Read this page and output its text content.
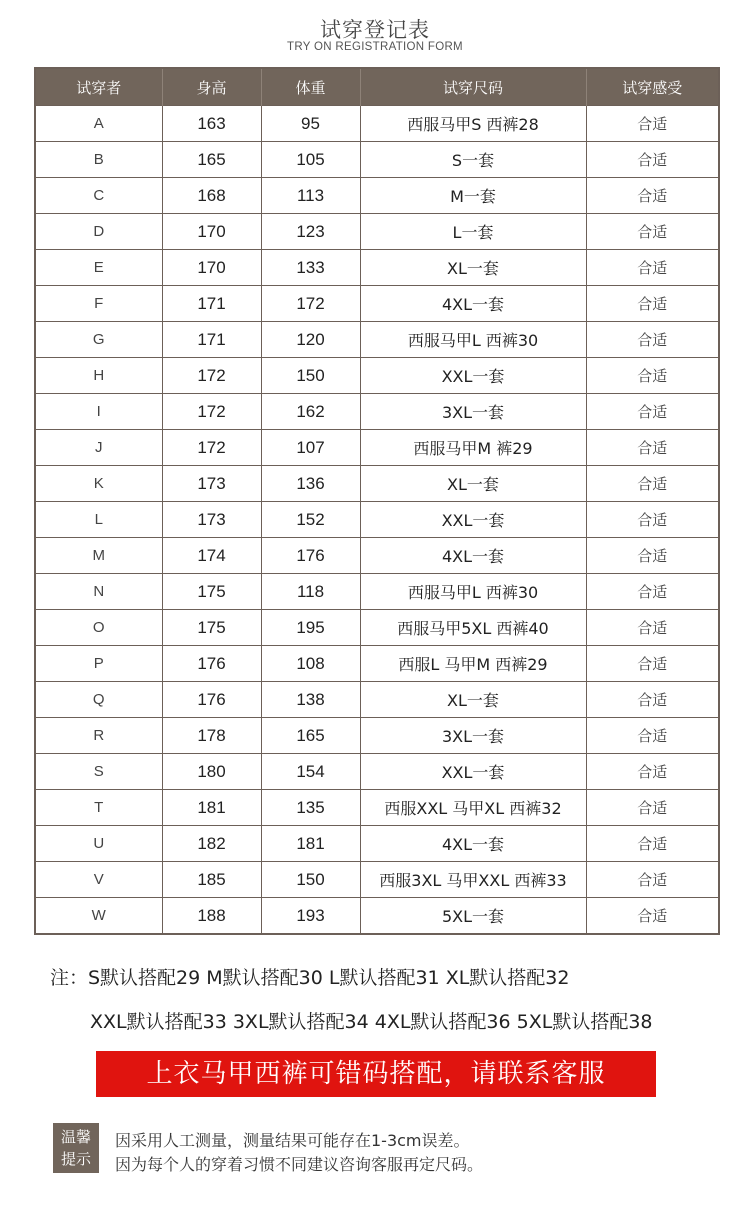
试穿登记表
TRY ON REGISTRATION FORM
试穿者	身高	体重	试穿尺码	试穿感受
A	163	95	西服马甲S 西裤28	合适
B	165	105	S一套	合适
C	168	113	M一套	合适
D	170	123	L一套	合适
E	170	133	XL一套	合适
F	171	172	4XL一套	合适
G	171	120	西服马甲L 西裤30	合适
H	172	150	XXL一套	合适
I	172	162	3XL一套	合适
J	172	107	西服马甲M 裤29	合适
K	173	136	XL一套	合适
L	173	152	XXL一套	合适
M	174	176	4XL一套	合适
N	175	118	西服马甲L 西裤30	合适
O	175	195	西服马甲5XL 西裤40	合适
P	176	108	西服L 马甲M 西裤29	合适
Q	176	138	XL一套	合适
R	178	165	3XL一套	合适
S	180	154	XXL一套	合适
T	181	135	西服XXL 马甲XL 西裤32	合适
U	182	181	4XL一套	合适
V	185	150	西服3XL 马甲XXL 西裤33	合适
W	188	193	5XL一套	合适
注：S默认搭配29 M默认搭配30 L默认搭配31 XL默认搭配32
XXL默认搭配33 3XL默认搭配34 4XL默认搭配36 5XL默认搭配38
上衣马甲西裤可错码搭配，请联系客服
温馨
提示
因采用人工测量，测量结果可能存在1-3cm误差。
因为每个人的穿着习惯不同建议咨询客服再定尺码。
